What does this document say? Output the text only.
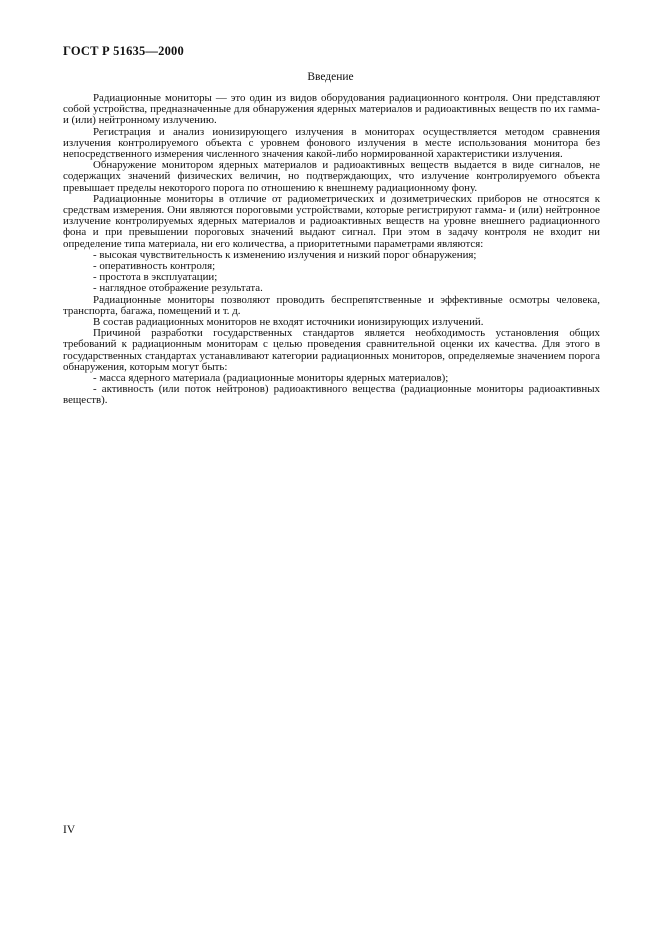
ГОСТ Р 51635—2000
Введение

Радиационные мониторы — это один из видов оборудования радиационного контроля. Они представляют собой устройства, предназначенные для обнаружения ядерных материалов и радиоактивных веществ по их гамма- и (или) нейтронному излучению.

Регистрация и анализ ионизирующего излучения в мониторах осуществляется методом сравнения излучения контролируемого объекта с уровнем фонового излучения в месте использования монитора без непосредственного измерения численного значения какой-либо нормированной характеристики излучения.

Обнаружение монитором ядерных материалов и радиоактивных веществ выдается в виде сигналов, не содержащих значений физических величин, но подтверждающих, что излучение контролируемого объекта превышает пределы некоторого порога по отношению к внешнему радиационному фону.

Радиационные мониторы в отличие от радиометрических и дозиметрических приборов не относятся к средствам измерения. Они являются пороговыми устройствами, которые регистрируют гамма- и (или) нейтронное излучение контролируемых ядерных материалов и радиоактивных веществ на уровне внешнего радиационного фона и при превышении пороговых значений выдают сигнал. При этом в задачу контроля не входит ни определение типа материала, ни его количества, а приоритетными параметрами являются:

- высокая чувствительность к изменению излучения и низкий порог обнаружения;

- оперативность контроля;

- простота в эксплуатации;

- наглядное отображение результата.

Радиационные мониторы позволяют проводить беспрепятственные и эффективные осмотры человека, транспорта, багажа, помещений и т. д.

В состав радиационных мониторов не входят источники ионизирующих излучений.

Причиной разработки государственных стандартов является необходимость установления общих требований к радиационным мониторам с целью проведения сравнительной оценки их качества. Для этого в государственных стандартах устанавливают категории радиационных мониторов, определяемые значением порога обнаружения, которым могут быть:

- масса ядерного материала (радиационные мониторы ядерных материалов);

- активность (или поток нейтронов) радиоактивного вещества (радиационные мониторы радиоактивных веществ).

IV
